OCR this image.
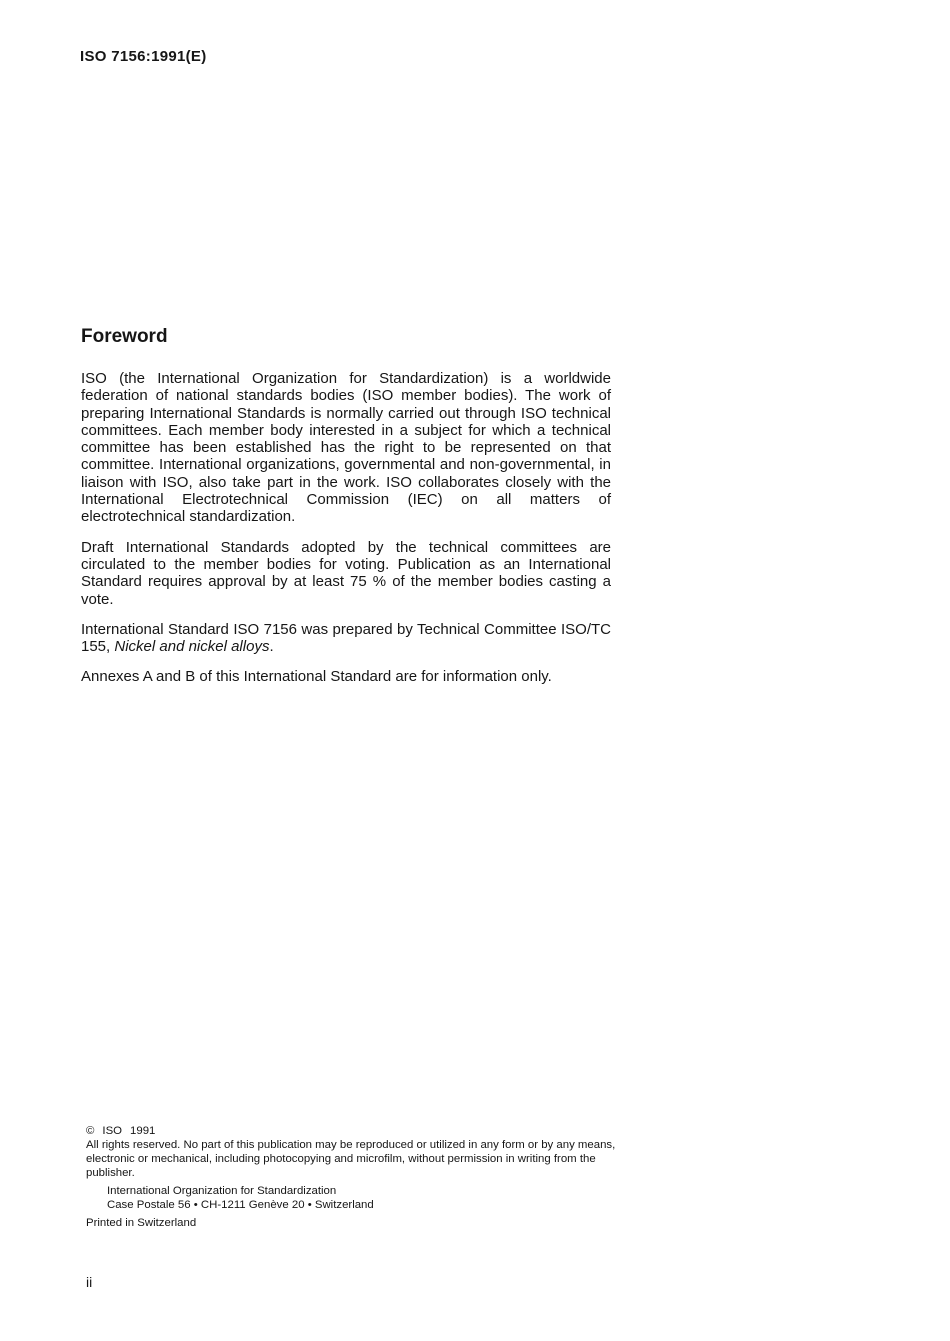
ISO 7156:1991(E)
Foreword

ISO (the International Organization for Standardization) is a worldwide federation of national standards bodies (ISO member bodies). The work of preparing International Standards is normally carried out through ISO technical committees. Each member body interested in a subject for which a technical committee has been established has the right to be represented on that committee. International organizations, governmental and non-governmental, in liaison with ISO, also take part in the work. ISO collaborates closely with the International Electrotechnical Commission (IEC) on all matters of electrotechnical standardization.

Draft International Standards adopted by the technical committees are circulated to the member bodies for voting. Publication as an International Standard requires approval by at least 75 % of the member bodies casting a vote.

International Standard ISO 7156 was prepared by Technical Committee ISO/TC 155, Nickel and nickel alloys.

Annexes A and B of this International Standard are for information only.

© ISO 1991

All rights reserved. No part of this publication may be reproduced or utilized in any form or by any means, electronic or mechanical, including photocopying and microfilm, without permission in writing from the publisher.

International Organization for Standardization
Case Postale 56 • CH-1211 Genève 20 • Switzerland

Printed in Switzerland

ii
